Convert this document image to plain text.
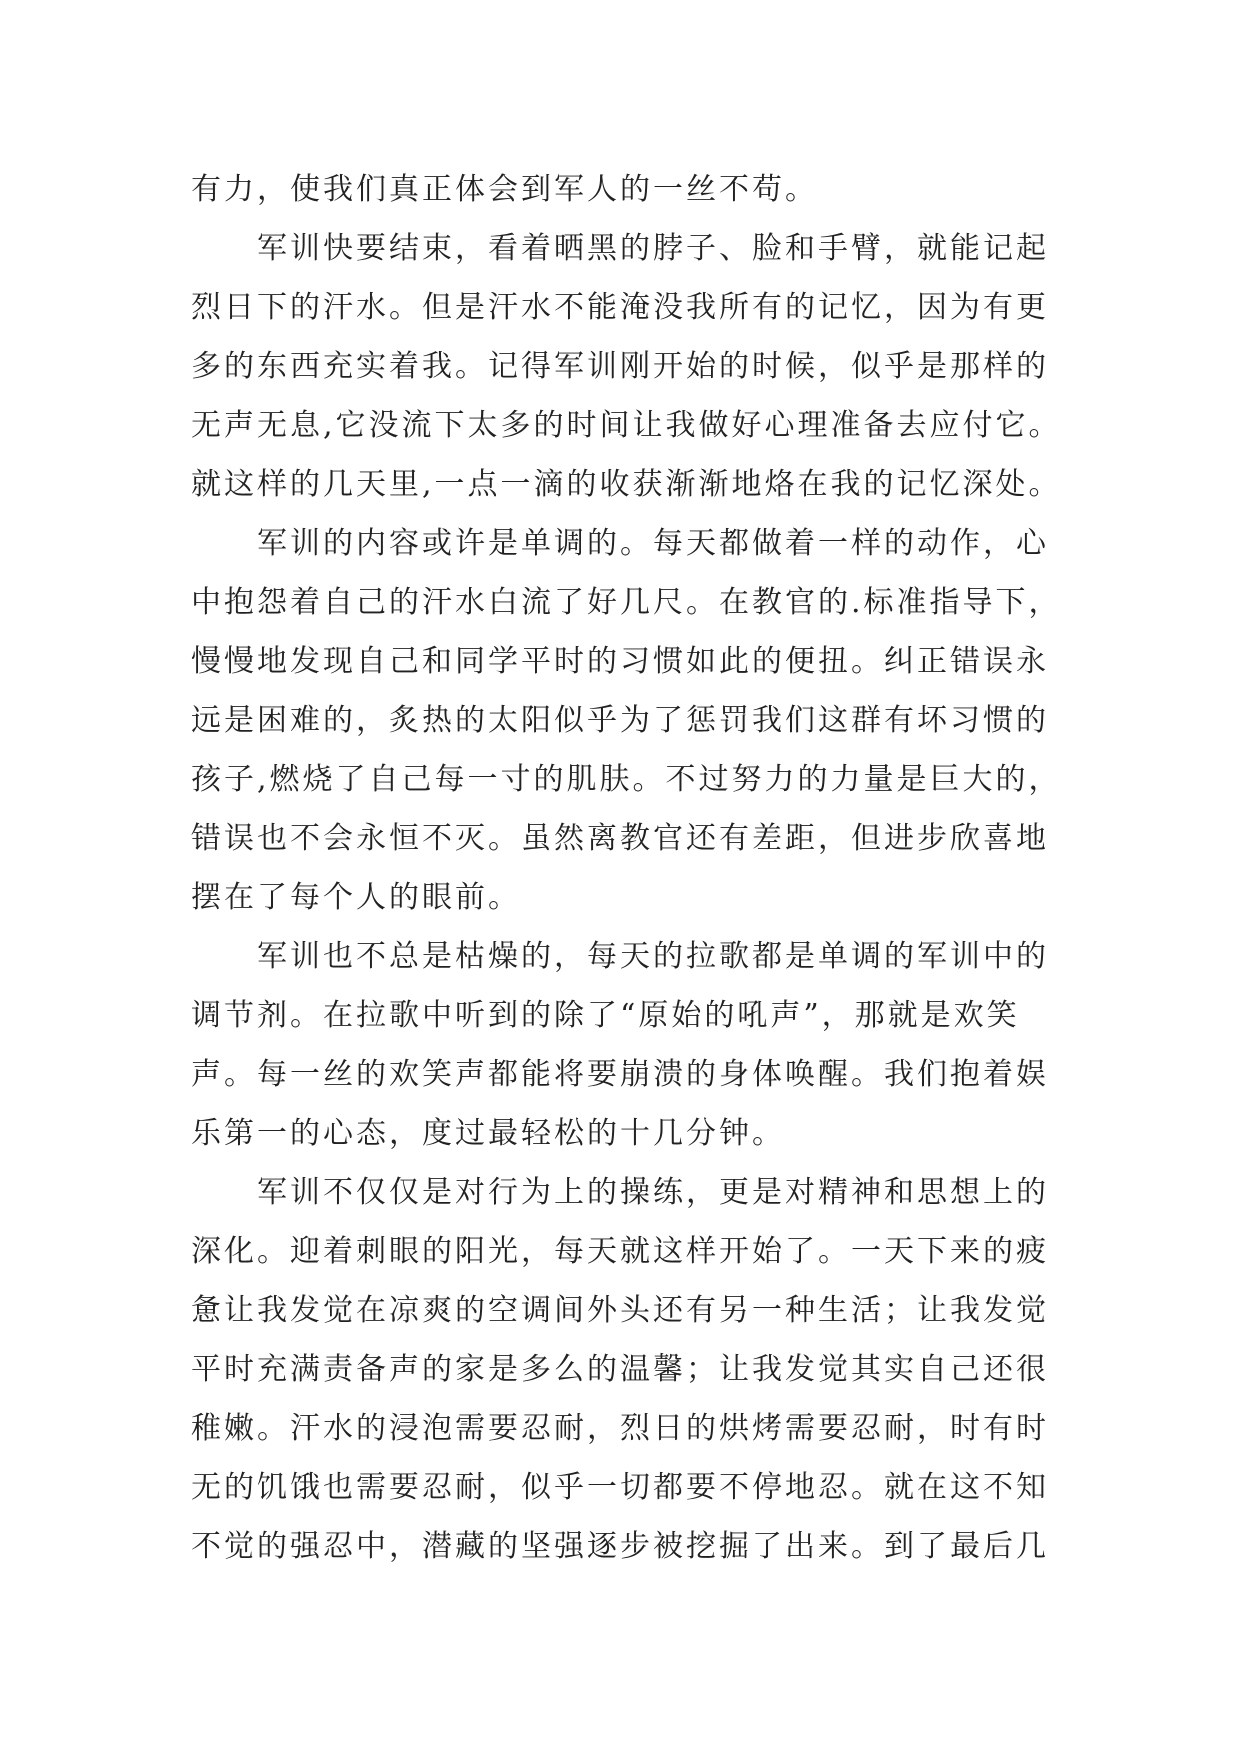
有力，使我们真正体会到军人的一丝不苟。
军训快要结束，看着晒黑的脖子、脸和手臂，就能记起
烈日下的汗水。但是汗水不能淹没我所有的记忆，因为有更
多的东西充实着我。记得军训刚开始的时候，似乎是那样的
无声无息,它没流下太多的时间让我做好心理准备去应付它。
就这样的几天里,一点一滴的收获渐渐地烙在我的记忆深处。
军训的内容或许是单调的。每天都做着一样的动作，心
中抱怨着自己的汗水白流了好几尺。在教官的.标准指导下，
慢慢地发现自己和同学平时的习惯如此的便扭。纠正错误永
远是困难的，炙热的太阳似乎为了惩罚我们这群有坏习惯的
孩子,燃烧了自己每一寸的肌肤。不过努力的力量是巨大的，
错误也不会永恒不灭。虽然离教官还有差距，但进步欣喜地
摆在了每个人的眼前。
军训也不总是枯燥的，每天的拉歌都是单调的军训中的
调节剂。在拉歌中听到的除了“原始的吼声”，那就是欢笑
声。每一丝的欢笑声都能将要崩溃的身体唤醒。我们抱着娱
乐第一的心态，度过最轻松的十几分钟。
军训不仅仅是对行为上的操练，更是对精神和思想上的
深化。迎着刺眼的阳光，每天就这样开始了。一天下来的疲
惫让我发觉在凉爽的空调间外头还有另一种生活；让我发觉
平时充满责备声的家是多么的温馨；让我发觉其实自己还很
稚嫩。汗水的浸泡需要忍耐，烈日的烘烤需要忍耐，时有时
无的饥饿也需要忍耐，似乎一切都要不停地忍。就在这不知
不觉的强忍中，潜藏的坚强逐步被挖掘了出来。到了最后几
